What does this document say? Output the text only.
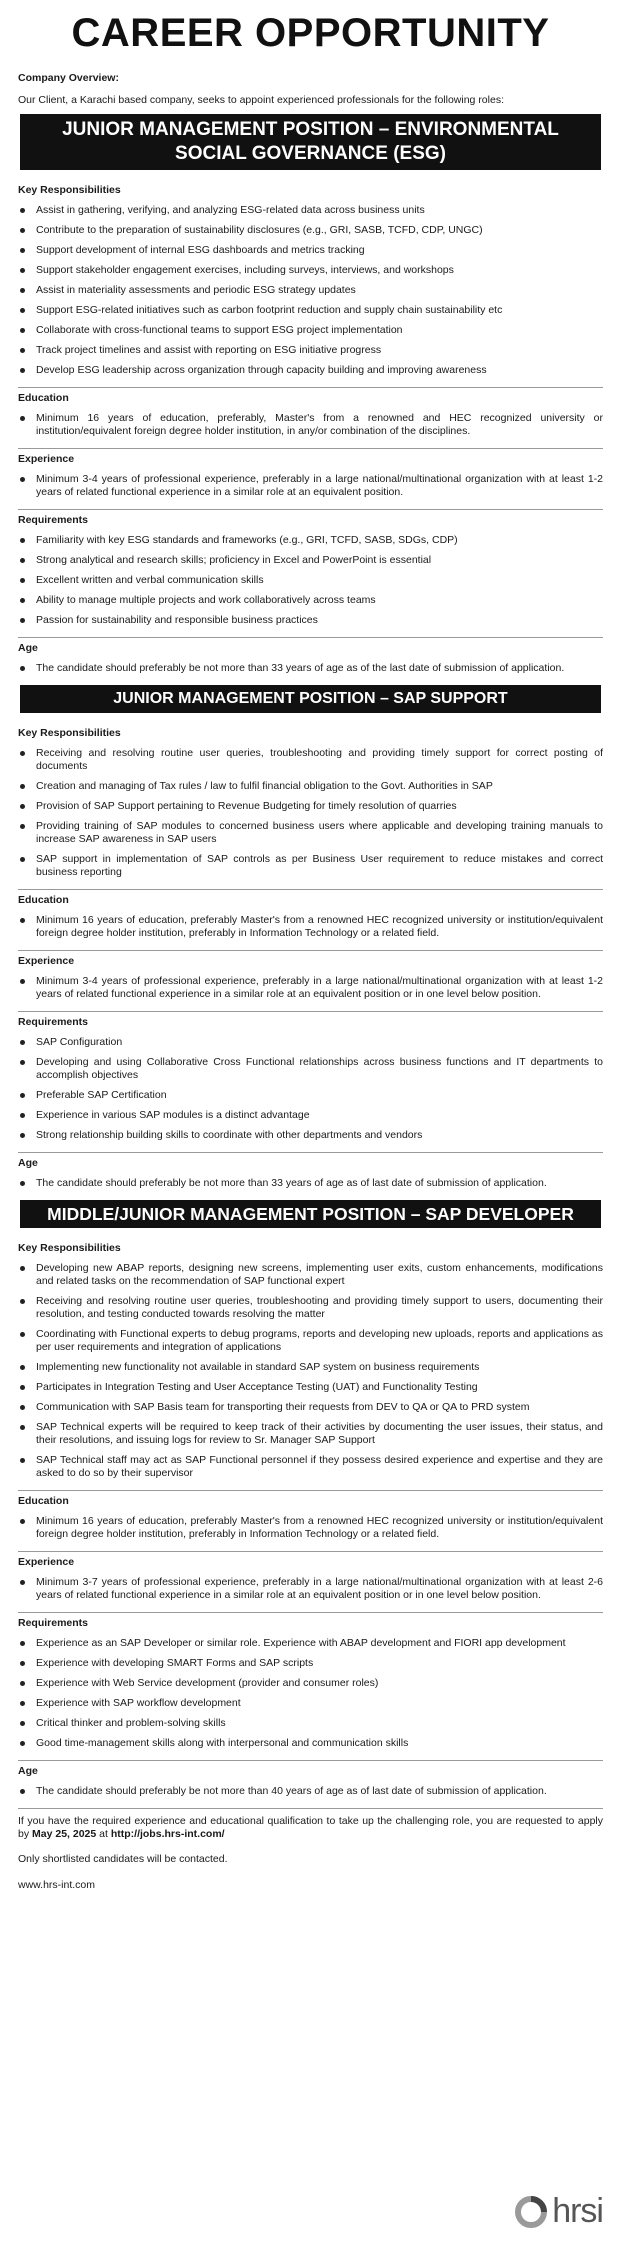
CAREER OPPORTUNITY
Company Overview:
Our Client, a Karachi based company, seeks to appoint experienced professionals for the following roles:
JUNIOR MANAGEMENT POSITION – ENVIRONMENTAL
SOCIAL GOVERNANCE (ESG)
Key Responsibilities
Assist in gathering, verifying, and analyzing ESG-related data across business units
Contribute to the preparation of sustainability disclosures (e.g., GRI, SASB, TCFD, CDP, UNGC)
Support development of internal ESG dashboards and metrics tracking
Support stakeholder engagement exercises, including surveys, interviews, and workshops
Assist in materiality assessments and periodic ESG strategy updates
Support ESG-related initiatives such as carbon footprint reduction and supply chain sustainability etc
Collaborate with cross-functional teams to support ESG project implementation
Track project timelines and assist with reporting on ESG initiative progress
Develop ESG leadership across organization through capacity building and improving awareness
Education
Minimum 16 years of education, preferably, Master's from a renowned and HEC recognized university or institution/equivalent foreign degree holder institution, in any/or combination of the disciplines.
Experience
Minimum 3-4 years of professional experience, preferably in a large national/multinational organization with at least 1-2 years of related functional experience in a similar role at an equivalent position.
Requirements
Familiarity with key ESG standards and frameworks (e.g., GRI, TCFD, SASB, SDGs, CDP)
Strong analytical and research skills; proficiency in Excel and PowerPoint is essential
Excellent written and verbal communication skills
Ability to manage multiple projects and work collaboratively across teams
Passion for sustainability and responsible business practices
Age
The candidate should preferably be not more than 33 years of age as of the last date of submission of application.
JUNIOR MANAGEMENT POSITION – SAP SUPPORT
Key Responsibilities
Receiving and resolving routine user queries, troubleshooting and providing timely support for correct posting of documents
Creation and managing of Tax rules / law to fulfil financial obligation to the Govt. Authorities in SAP
Provision of SAP Support pertaining to Revenue Budgeting for timely resolution of quarries
Providing training of SAP modules to concerned business users where applicable and developing training manuals to increase SAP awareness in SAP users
SAP support in implementation of SAP controls as per Business User requirement to reduce mistakes and correct business reporting
Education
Minimum 16 years of education, preferably Master's from a renowned HEC recognized university or institution/equivalent foreign degree holder institution, preferably in Information Technology or a related field.
Experience
Minimum 3-4 years of professional experience, preferably in a large national/multinational organization with at least 1-2 years of related functional experience in a similar role at an equivalent position or in one level below position.
Requirements
SAP Configuration
Developing and using Collaborative Cross Functional relationships across business functions and IT departments to accomplish objectives
Preferable SAP Certification
Experience in various SAP modules is a distinct advantage
Strong relationship building skills to coordinate with other departments and vendors
Age
The candidate should preferably be not more than 33 years of age as of last date of submission of application.
MIDDLE/JUNIOR MANAGEMENT POSITION – SAP DEVELOPER
Key Responsibilities
Developing new ABAP reports, designing new screens, implementing user exits, custom enhancements, modifications and related tasks on the recommendation of SAP functional expert
Receiving and resolving routine user queries, troubleshooting and providing timely support to users, documenting their resolution, and testing conducted towards resolving the matter
Coordinating with Functional experts to debug programs, reports and developing new uploads, reports and applications as per user requirements and integration of applications
Implementing new functionality not available in standard SAP system on business requirements
Participates in Integration Testing and User Acceptance Testing (UAT) and Functionality Testing
Communication with SAP Basis team for transporting their requests from DEV to QA or QA to PRD system
SAP Technical experts will be required to keep track of their activities by documenting the user issues, their status, and their resolutions, and issuing logs for review to Sr. Manager SAP Support
SAP Technical staff may act as SAP Functional personnel if they possess desired experience and expertise and they are asked to do so by their supervisor
Education
Minimum 16 years of education, preferably Master's from a renowned HEC recognized university or institution/equivalent foreign degree holder institution, preferably in Information Technology or a related field.
Experience
Minimum 3-7 years of professional experience, preferably in a large national/multinational organization with at least 2-6 years of related functional experience in a similar role at an equivalent position or in one level below position.
Requirements
Experience as an SAP Developer or similar role. Experience with ABAP development and FIORI app development
Experience with developing SMART Forms and SAP scripts
Experience with Web Service development (provider and consumer roles)
Experience with SAP workflow development
Critical thinker and problem-solving skills
Good time-management skills along with interpersonal and communication skills
Age
The candidate should preferably be not more than 40 years of age as of last date of submission of application.
If you have the required experience and educational qualification to take up the challenging role, you are requested to apply by May 25, 2025 at http://jobs.hrs-int.com/
Only shortlisted candidates will be contacted.
www.hrs-int.com
hrsi
